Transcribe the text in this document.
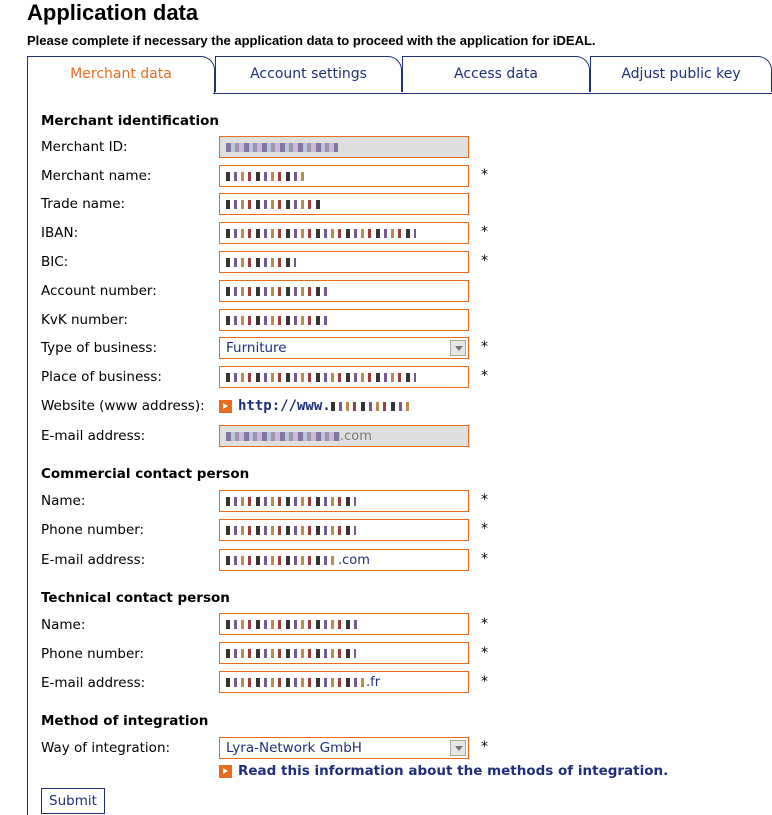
Application data
Please complete if necessary the application data to proceed with the application for iDEAL.
Merchant data	Account settings	Access data	Adjust public key
Merchant identification
Merchant ID:
Merchant name:	*
Trade name:
IBAN:	*
BIC:	*
Account number:
KvK number:
Type of business:	Furniture	*
Place of business:	*
Website (www address):	http://www.
E-mail address:	.com
Commercial contact person
Name:	*
Phone number:	*
E-mail address:	.com	*
Technical contact person
Name:	*
Phone number:	*
E-mail address:	.fr	*
Method of integration
Way of integration:	Lyra-Network GmbH	*
Read this information about the methods of integration.
Submit
